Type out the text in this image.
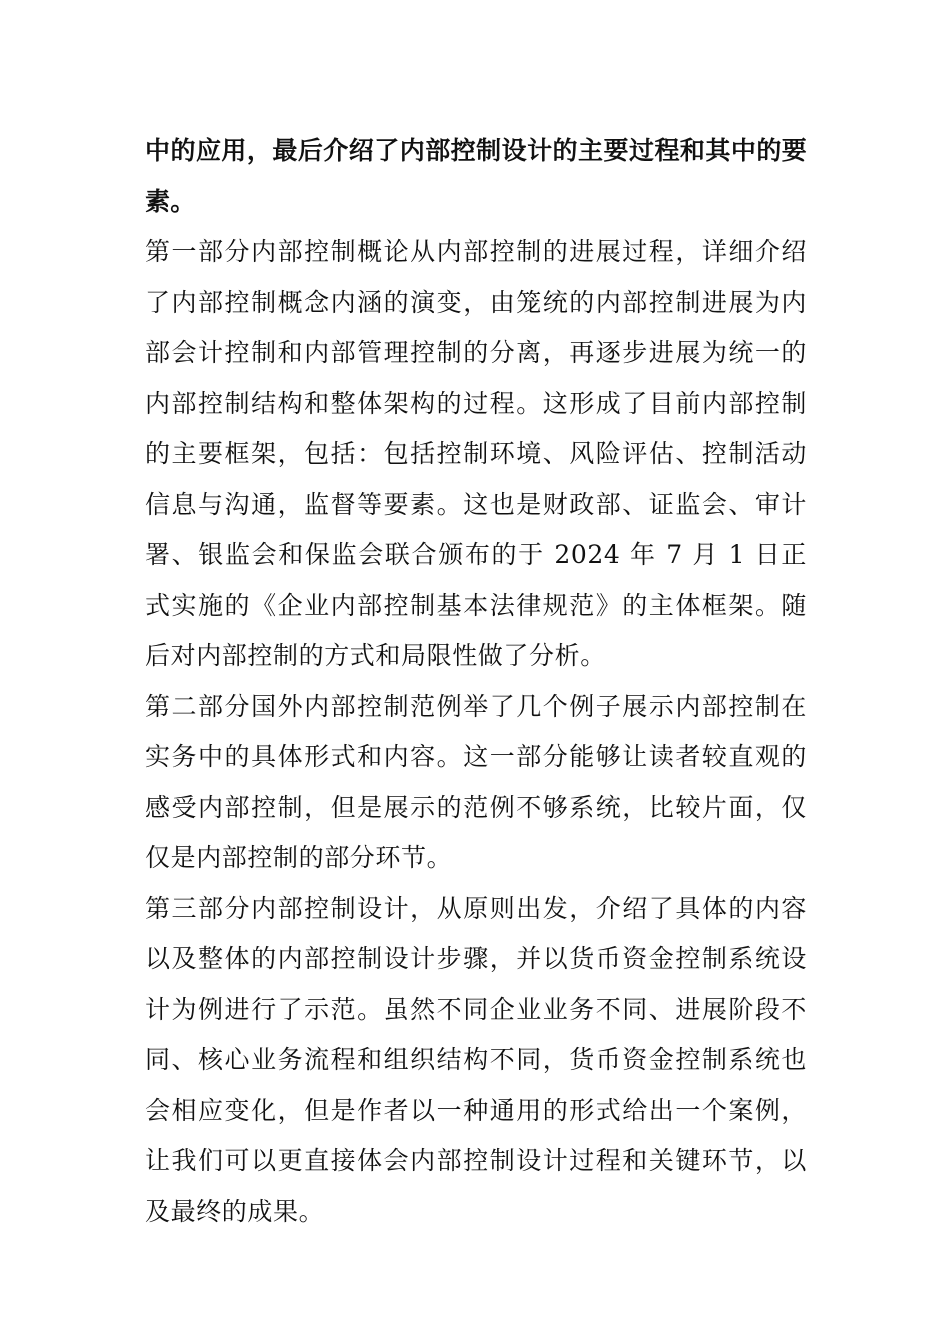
中的应用，最后介绍了内部控制设计的主要过程和其中的要素。

第一部分内部控制概论从内部控制的进展过程，详细介绍了内部控制概念内涵的演变，由笼统的内部控制进展为内部会计控制和内部管理控制的分离，再逐步进展为统一的内部控制结构和整体架构的过程。这形成了目前内部控制的主要框架，包括：包括控制环境、风险评估、控制活动信息与沟通，监督等要素。这也是财政部、证监会、审计署、银监会和保监会联合颁布的于 2024 年 7 月 1 日正式实施的《企业内部控制基本法律规范》的主体框架。随后对内部控制的方式和局限性做了分析。

第二部分国外内部控制范例举了几个例子展示内部控制在实务中的具体形式和内容。这一部分能够让读者较直观的感受内部控制，但是展示的范例不够系统，比较片面，仅仅是内部控制的部分环节。

第三部分内部控制设计，从原则出发，介绍了具体的内容以及整体的内部控制设计步骤，并以货币资金控制系统设计为例进行了示范。虽然不同企业业务不同、进展阶段不同、核心业务流程和组织结构不同，货币资金控制系统也会相应变化，但是作者以一种通用的形式给出一个案例，让我们可以更直接体会内部控制设计过程和关键环节，以及最终的成果。
